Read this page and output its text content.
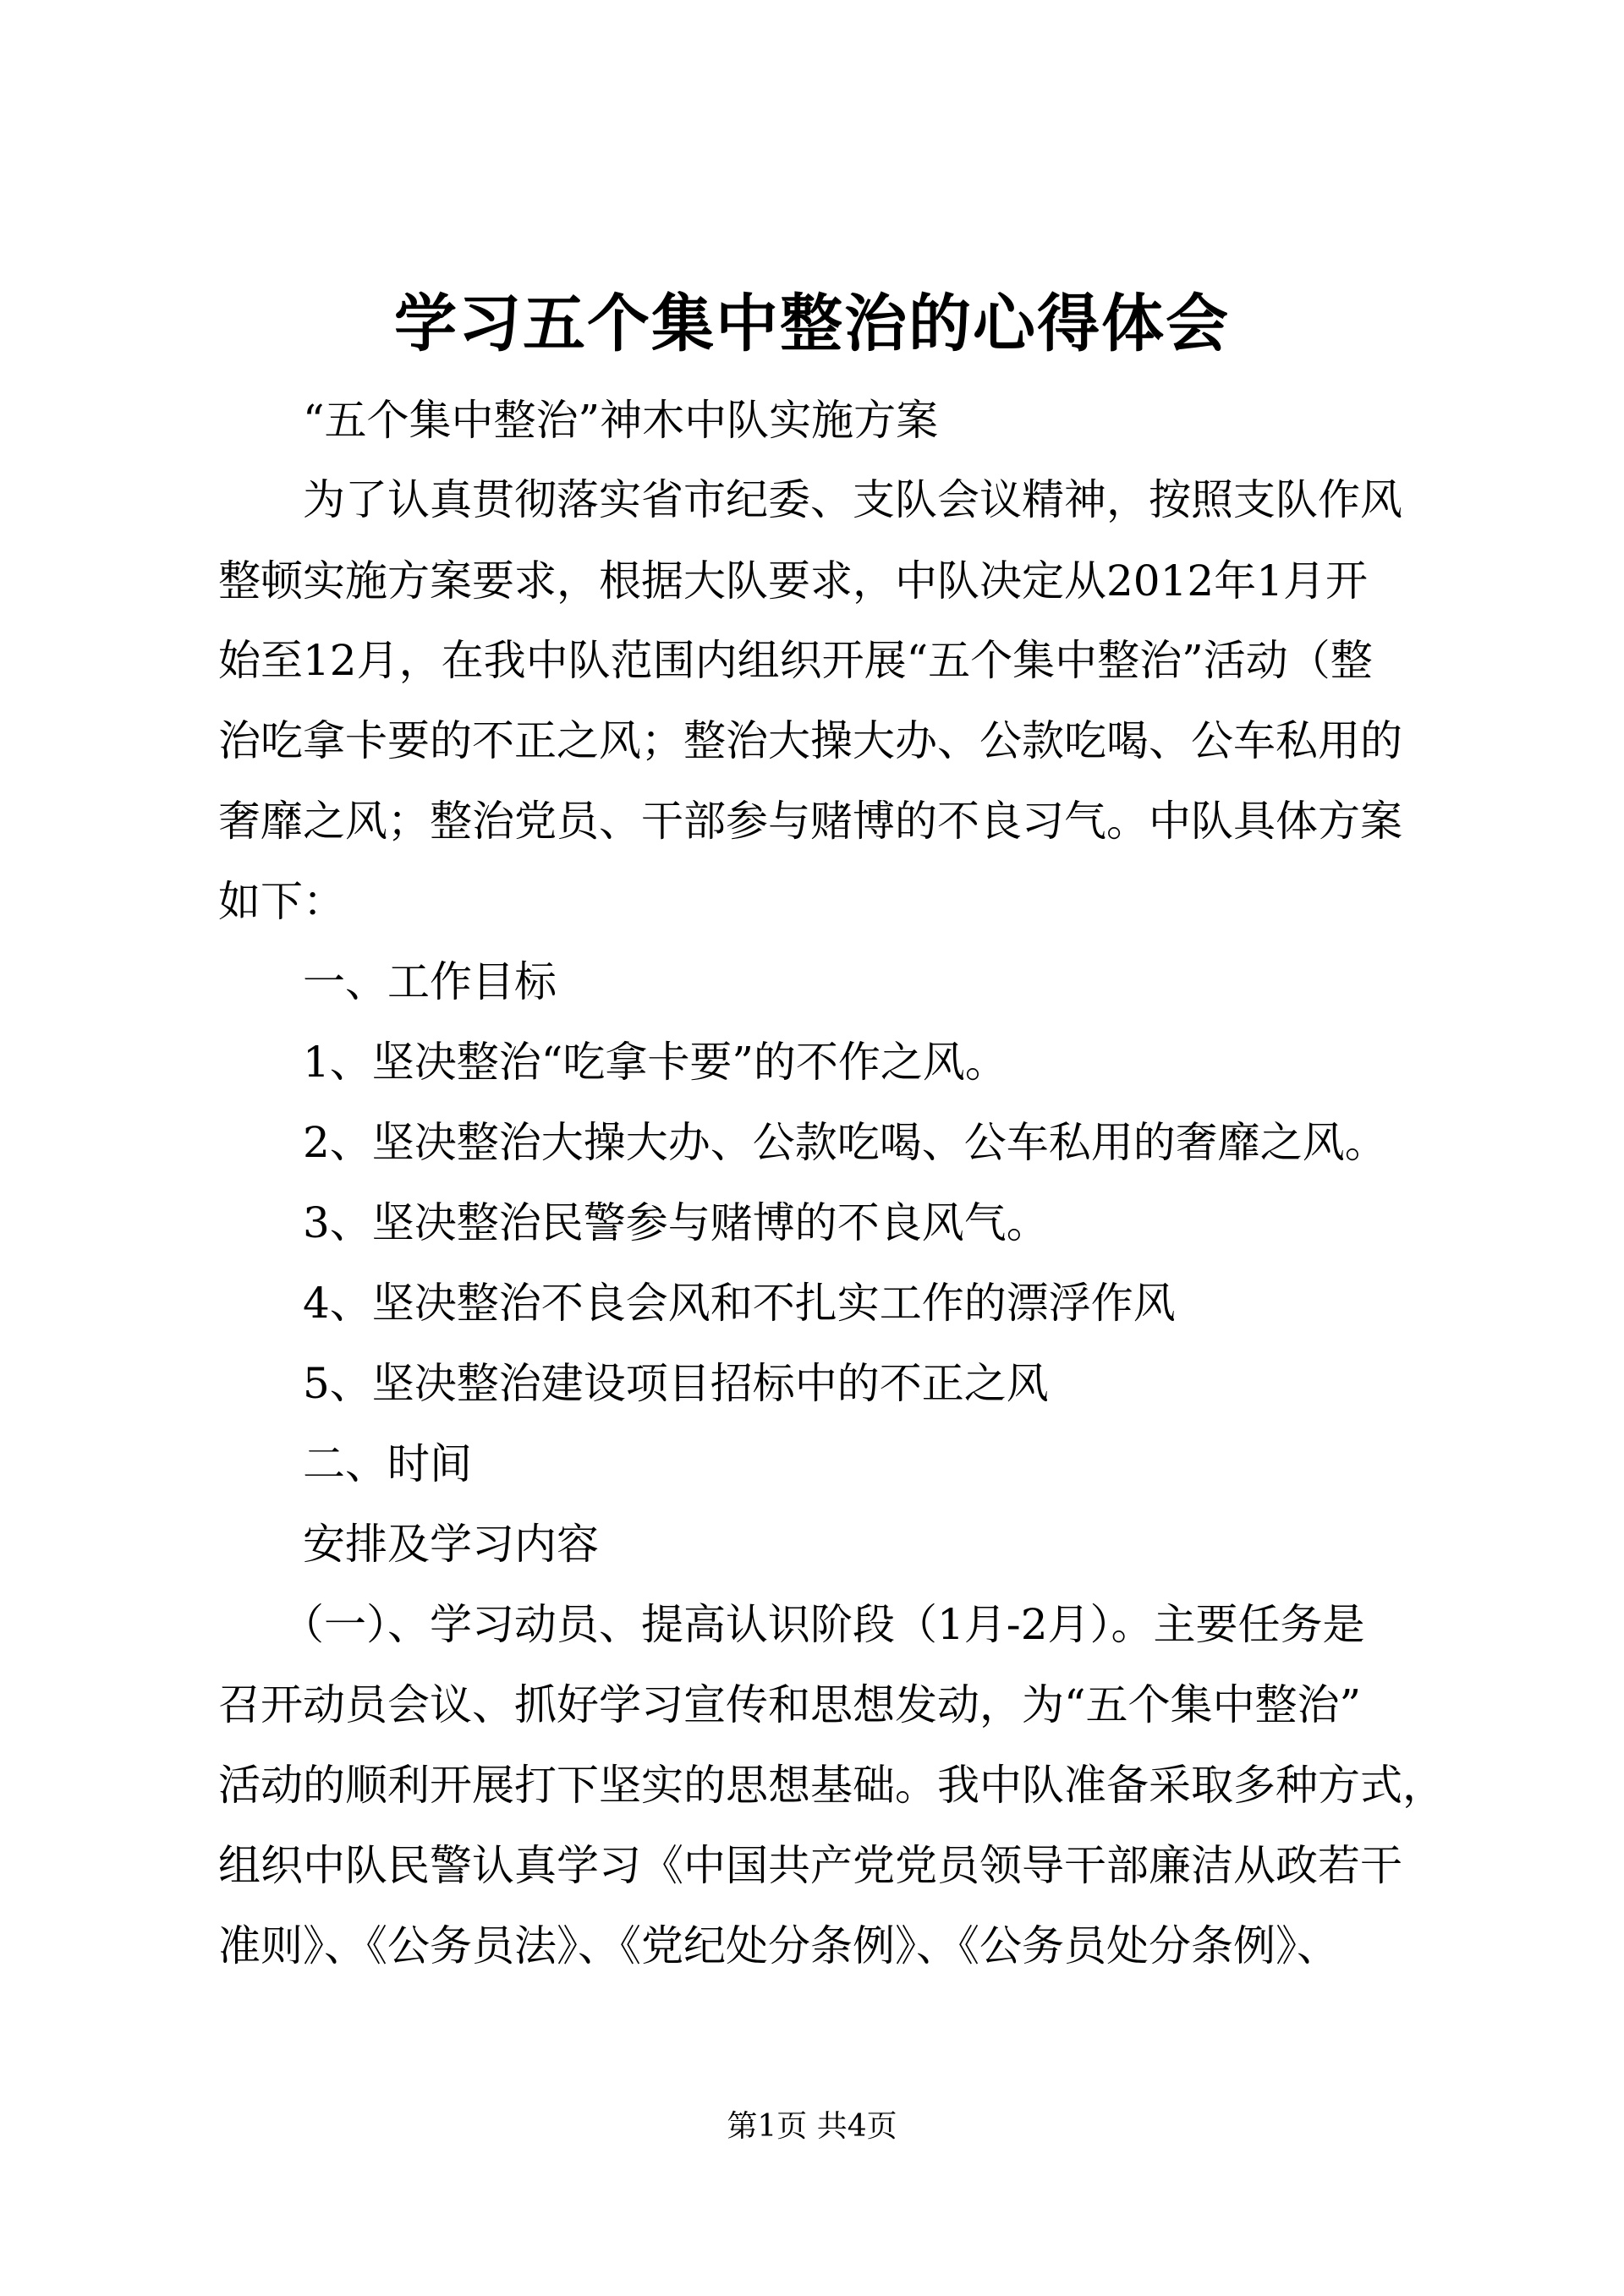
学习五个集中整治的心得体会

　　“五个集中整治”神木中队实施方案

　　为了认真贯彻落实省市纪委、支队会议精神，按照支队作风

整顿实施方案要求，根据大队要求，中队决定从2012年1月开

始至12月，在我中队范围内组织开展“五个集中整治”活动（整

治吃拿卡要的不正之风；整治大操大办、公款吃喝、公车私用的

奢靡之风；整治党员、干部参与赌博的不良习气。中队具体方案

如下：

　　一、工作目标

　　1、坚决整治“吃拿卡要”的不作之风。

　　2、坚决整治大操大办、公款吃喝、公车私用的奢靡之风。

　　3、坚决整治民警参与赌博的不良风气。

　　4、坚决整治不良会风和不扎实工作的漂浮作风

　　5、坚决整治建设项目招标中的不正之风

　　二、时间

　　安排及学习内容

　　（一）、学习动员、提高认识阶段（1月-2月）。主要任务是

召开动员会议、抓好学习宣传和思想发动，为“五个集中整治”

活动的顺利开展打下坚实的思想基础。我中队准备采取多种方式，

组织中队民警认真学习《中国共产党党员领导干部廉洁从政若干

准则》、《公务员法》、《党纪处分条例》、《公务员处分条例》、

第1页 共4页
